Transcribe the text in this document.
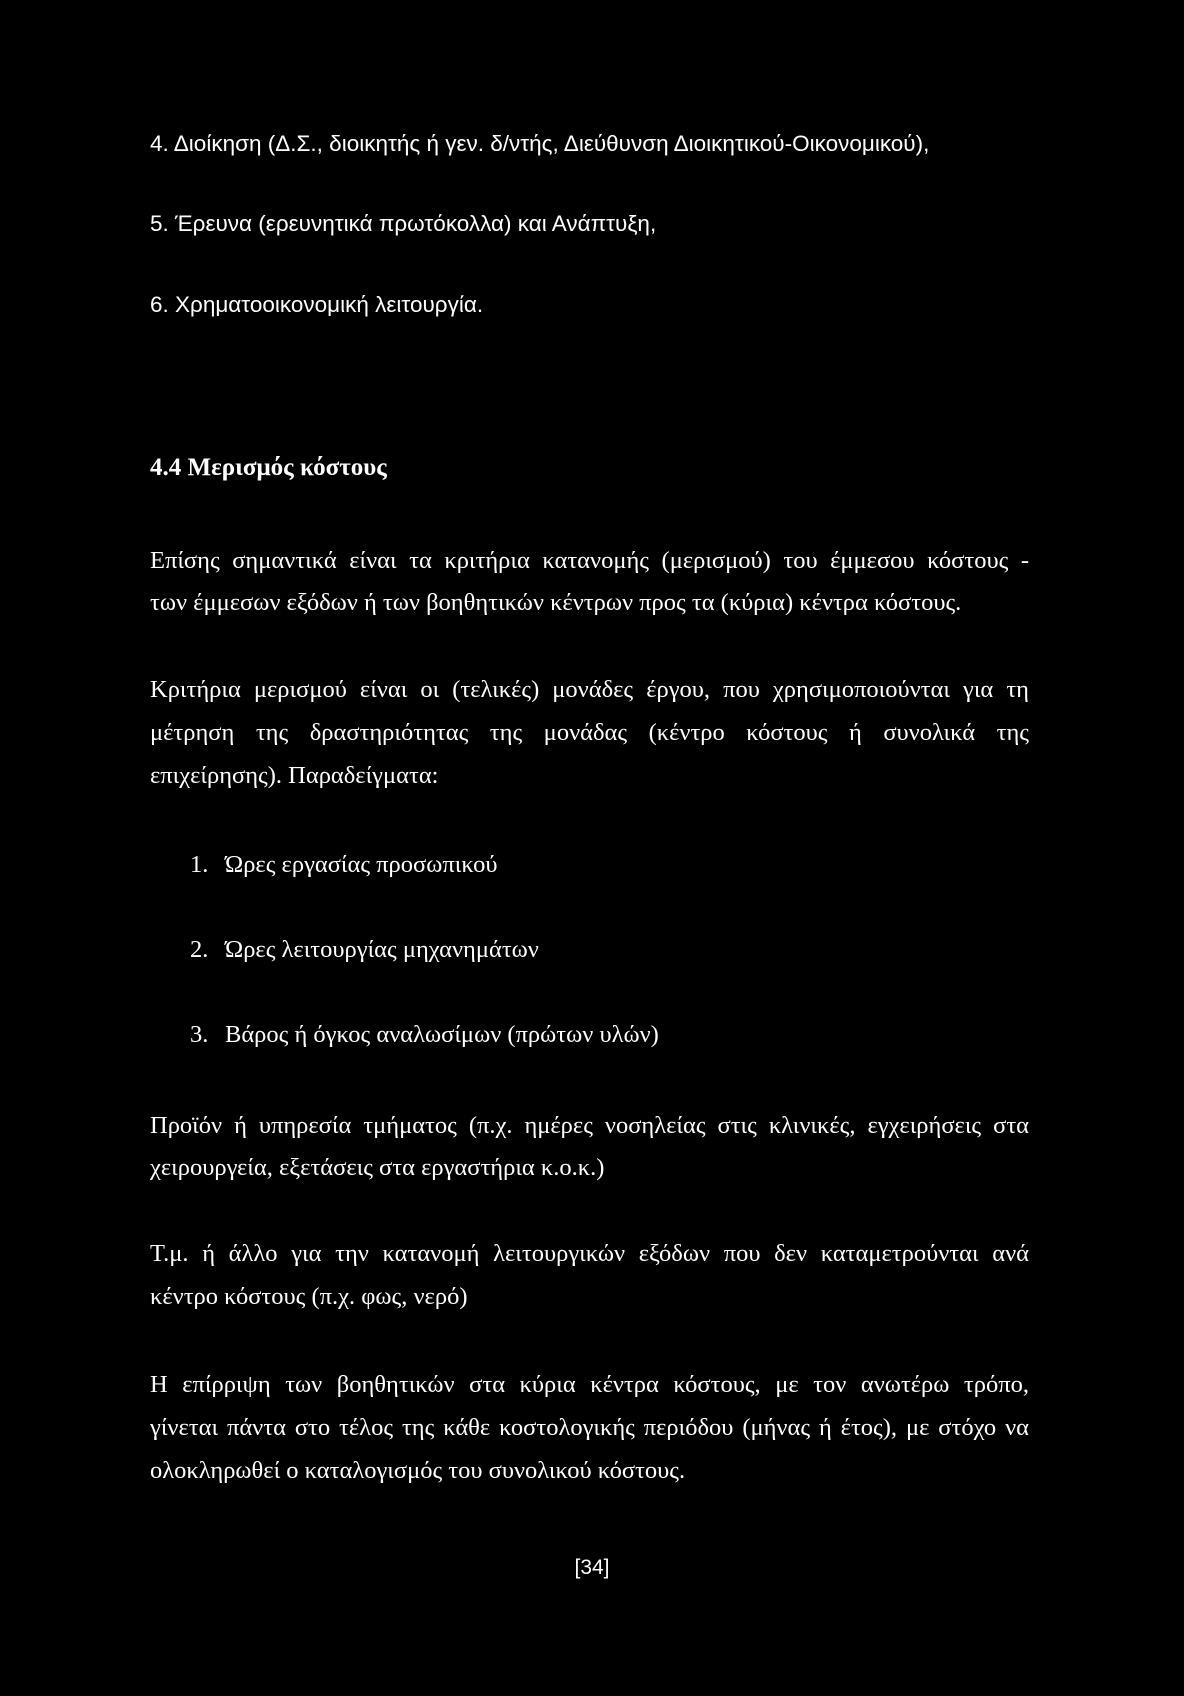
4. Διοίκηση (Δ.Σ., διοικητής ή γεν. δ/ντής, Διεύθυνση Διοικητικού-Οικονομικού),
5. Έρευνα (ερευνητικά πρωτόκολλα) και Ανάπτυξη,
6. Χρηματοοικονομική λειτουργία.
4.4 Μερισμός κόστους
Επίσης σημαντικά είναι τα κριτήρια κατανομής (μερισμού) του έμμεσου κόστους -
των έμμεσων εξόδων ή των βοηθητικών κέντρων προς τα (κύρια) κέντρα κόστους.
Κριτήρια μερισμού είναι οι (τελικές) μονάδες έργου, που χρησιμοποιούνται για τη
μέτρηση της δραστηριότητας της μονάδας (κέντρο κόστους ή συνολικά της
επιχείρησης). Παραδείγματα:
1. Ώρες εργασίας προσωπικού
2. Ώρες λειτουργίας μηχανημάτων
3. Βάρος ή όγκος αναλωσίμων (πρώτων υλών)
Προϊόν ή υπηρεσία τμήματος (π.χ. ημέρες νοσηλείας στις κλινικές, εγχειρήσεις στα
χειρουργεία, εξετάσεις στα εργαστήρια κ.ο.κ.)
Τ.μ. ή άλλο για την κατανομή λειτουργικών εξόδων που δεν καταμετρούνται ανά
κέντρο κόστους (π.χ. φως, νερό)
Η επίρριψη των βοηθητικών στα κύρια κέντρα κόστους, με τον ανωτέρω τρόπο,
γίνεται πάντα στο τέλος της κάθε κοστολογικής περιόδου (μήνας ή έτος), με στόχο να
ολοκληρωθεί ο καταλογισμός του συνολικού κόστους.
[34]
